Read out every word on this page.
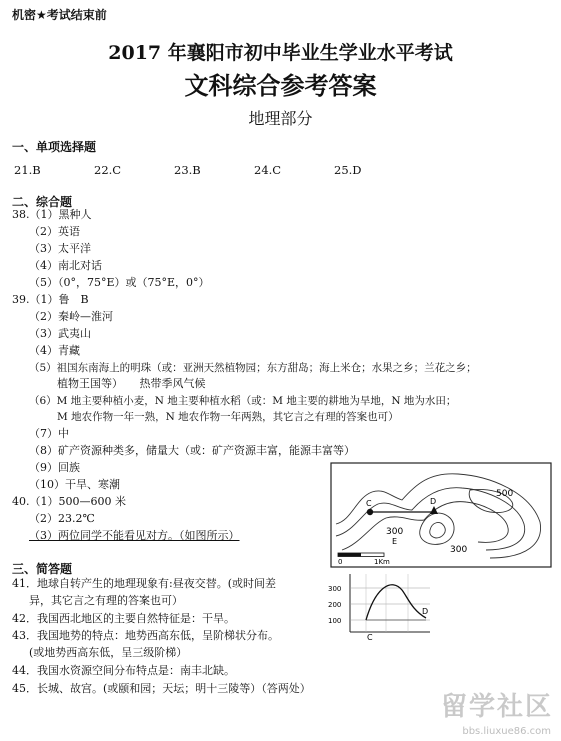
机密★考试结束前
2017 年襄阳市初中毕业生学业水平考试
文科综合参考答案
地理部分
一、单项选择题
21.B	22.C	23.B	24.C	25.D
二、综合题
38.（1）黑种人
（2）英语
（3）太平洋
（4）南北对话
（5）（0°，75°E）或（75°E，0°）
39.（1）鲁　B
（2）秦岭—淮河
（3）武夷山
（4）青藏
（5）祖国东南海上的明珠（或：亚洲天然植物园；东方甜岛；海上米仓；水果之乡；兰花之乡；
植物王国等）　　热带季风气候
（6）M 地主要种植小麦，N 地主要种植水稻（或：M 地主要的耕地为旱地，N 地为水田；
M 地农作物一年一熟，N 地农作物一年两熟，其它言之有理的答案也可）
（7）中
（8）矿产资源种类多，储量大（或：矿产资源丰富，能源丰富等）
（9）回族
（10）干旱、寒潮
40.（1）500—600 米
（2）23.2℃
（3）两位同学不能看见对方。（如图所示）
三、简答题
41．地球自转产生的地理现象有:昼夜交替。(或时间差
异，其它言之有理的答案也可）
42．我国西北地区的主要自然特征是：干旱。
43．我国地势的特点：地势西高东低，呈阶梯状分布。
(或地势西高东低，呈三级阶梯）
44．我国水资源空间分布特点是：南丰北缺。
45．长城、故宫。(或颐和园；天坛；明十三陵等）（答两处）
500
300
300
C	D
E
0	1Km
300
200
100
C
D
留学社区
bbs.liuxue86.com
